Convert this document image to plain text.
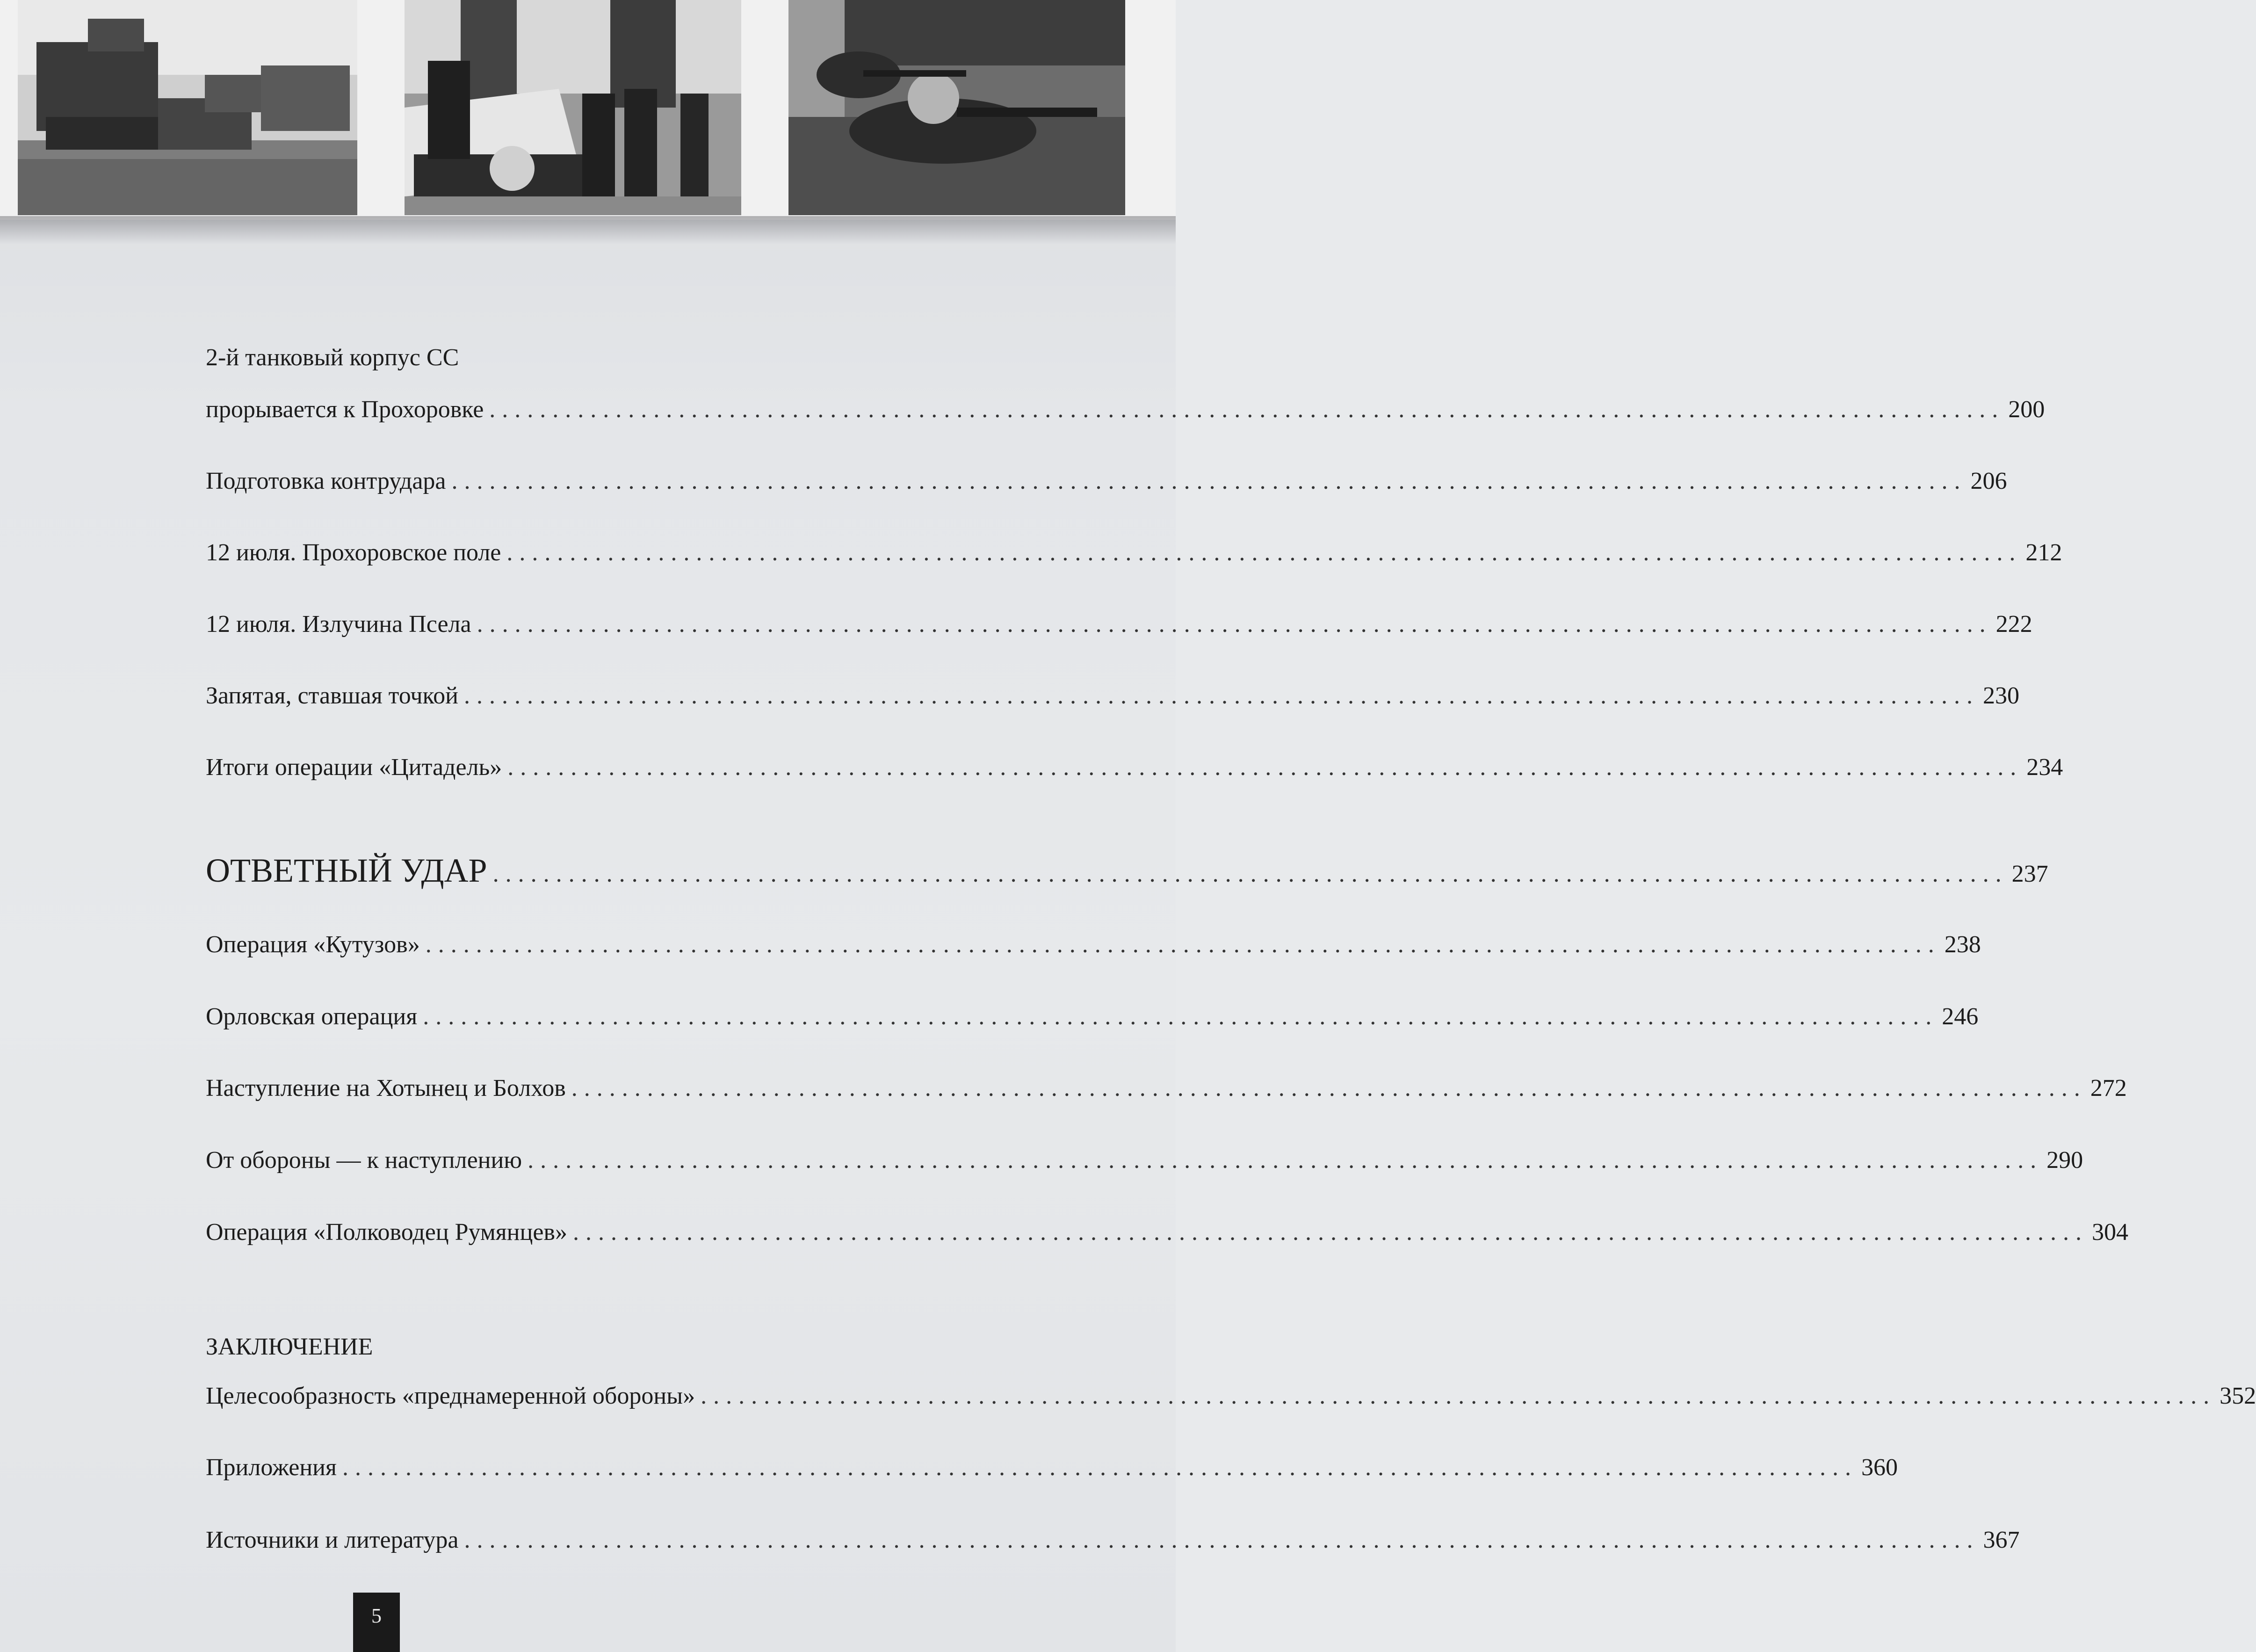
2-й танковый корпус СС
прорывается к Прохоровке ........................................................................................................................ 200
Подготовка контрудара ........................................................................................................................ 206
12 июля. Прохоровское поле ........................................................................................................................ 212
12 июля. Излучина Псела ........................................................................................................................ 222
Запятая, ставшая точкой ........................................................................................................................ 230
Итоги операции «Цитадель» ........................................................................................................................ 234
ОТВЕТНЫЙ УДАР ........................................................................................................................ 237
Операция «Кутузов» ........................................................................................................................ 238
Орловская операция ........................................................................................................................ 246
Наступление на Хотынец и Болхов ........................................................................................................................ 272
От обороны — к наступлению ........................................................................................................................ 290
Операция «Полководец Румянцев» ........................................................................................................................ 304
ЗАКЛЮЧЕНИЕ
Целесообразность «преднамеренной обороны» ........................................................................................................................ 352
Приложения ........................................................................................................................ 360
Источники и литература ........................................................................................................................ 367
5
